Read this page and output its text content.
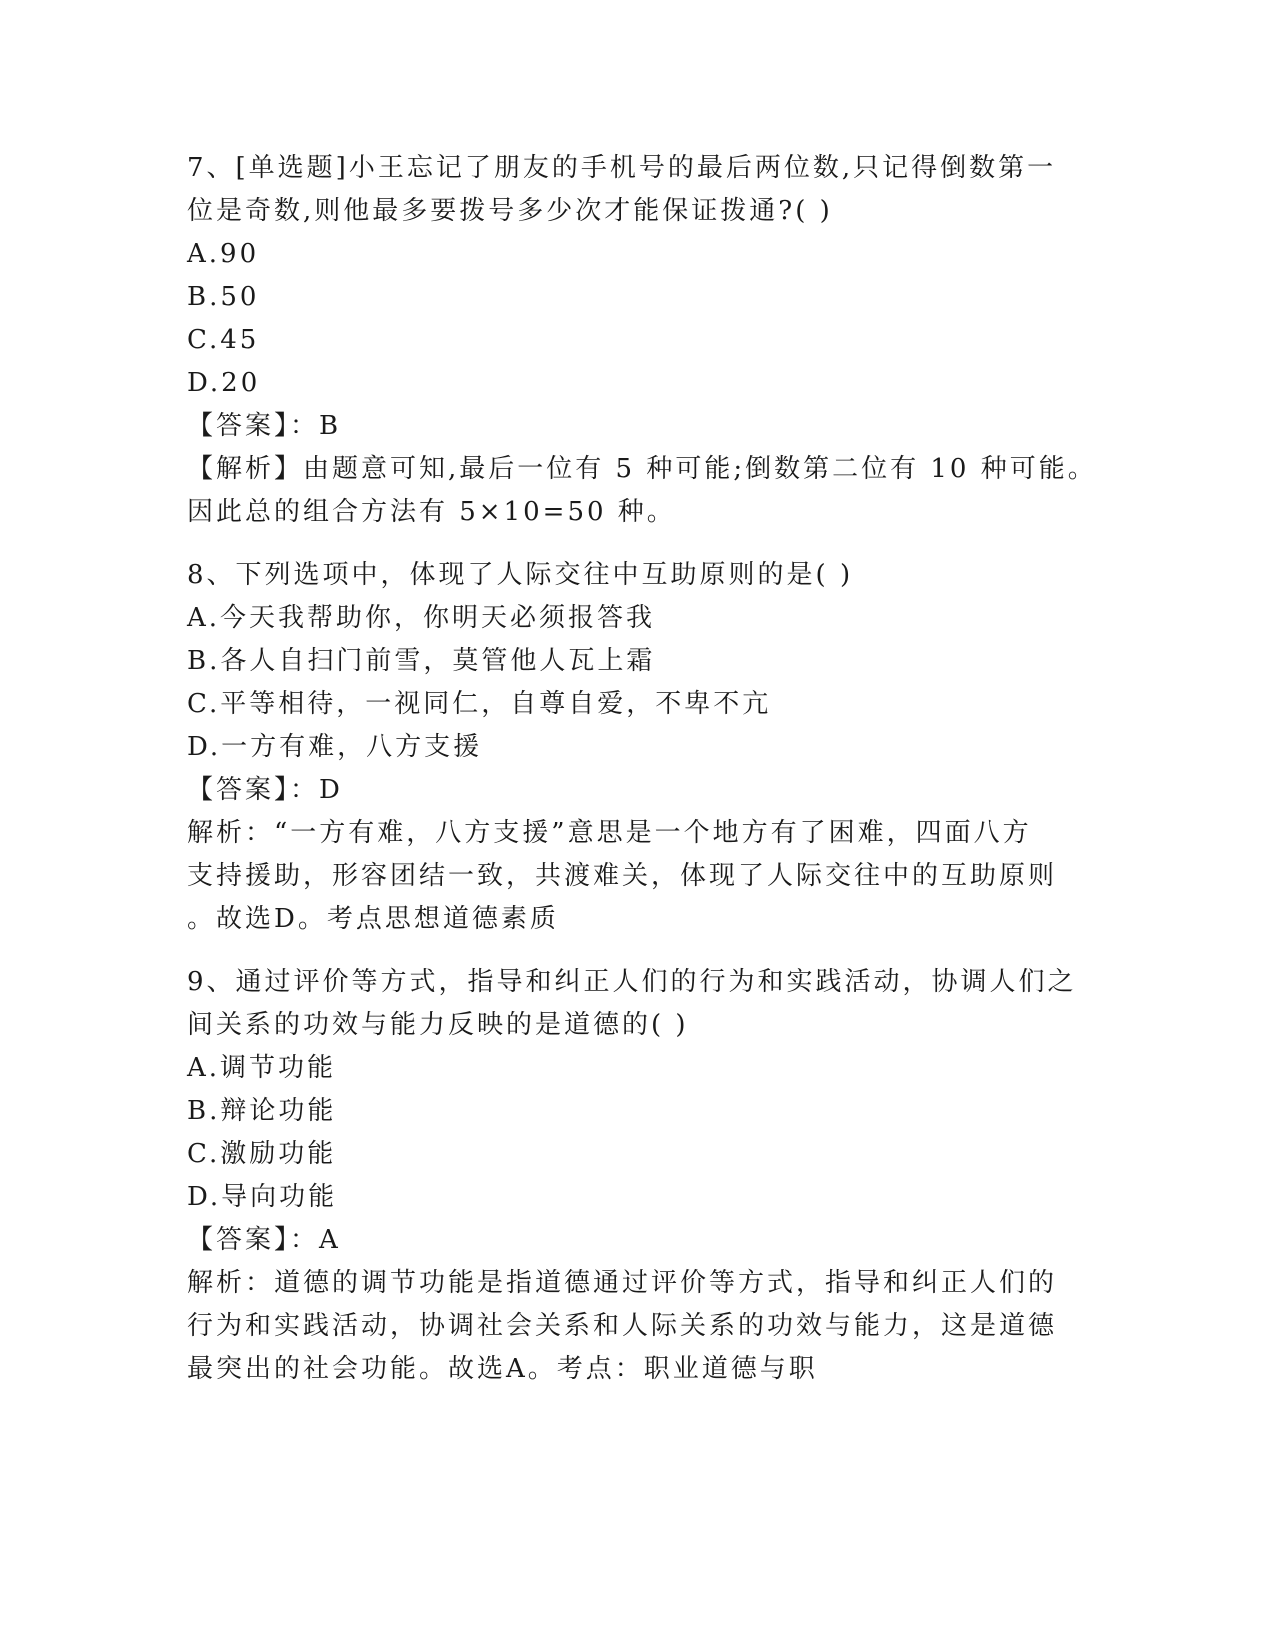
7、[单选题]小王忘记了朋友的手机号的最后两位数,只记得倒数第一
位是奇数,则他最多要拨号多少次才能保证拨通?( )
A.90
B.50
C.45
D.20
【答案】：B
【解析】由题意可知,最后一位有 5 种可能;倒数第二位有 10 种可能。
因此总的组合方法有 5×10=50 种。
8、下列选项中，体现了人际交往中互助原则的是( )
A.今天我帮助你，你明天必须报答我
B.各人自扫门前雪，莫管他人瓦上霜
C.平等相待，一视同仁，自尊自爱，不卑不亢
D.一方有难，八方支援
【答案】：D
解析：“一方有难，八方支援”意思是一个地方有了困难，四面八方
支持援助，形容团结一致，共渡难关，体现了人际交往中的互助原则
。故选D。考点思想道德素质
9、通过评价等方式，指导和纠正人们的行为和实践活动，协调人们之
间关系的功效与能力反映的是道德的( )
A.调节功能
B.辩论功能
C.激励功能
D.导向功能
【答案】：A
解析：道德的调节功能是指道德通过评价等方式，指导和纠正人们的
行为和实践活动，协调社会关系和人际关系的功效与能力，这是道德
最突出的社会功能。故选A。考点：职业道德与职
